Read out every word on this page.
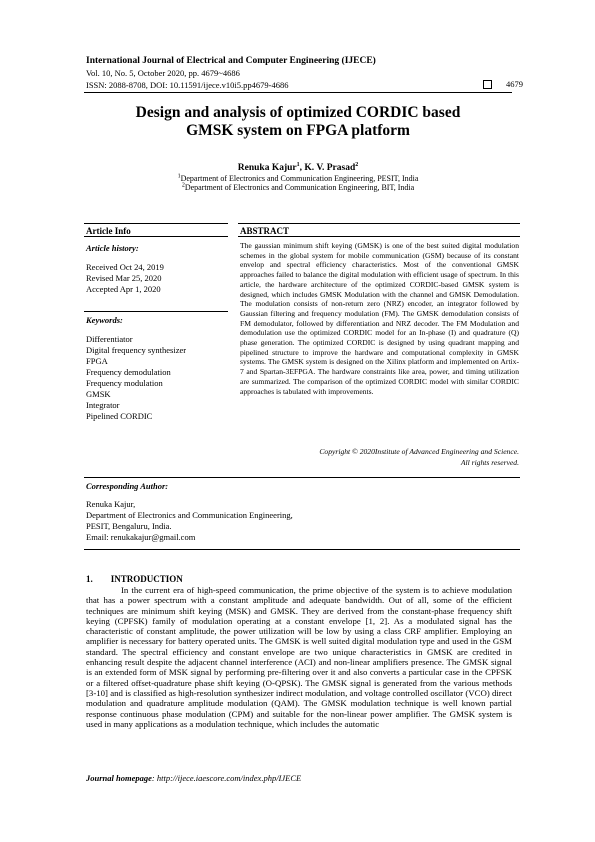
International Journal of Electrical and Computer Engineering (IJECE)
Vol. 10, No. 5, October 2020, pp. 4679~4686
ISSN: 2088-8708, DOI: 10.11591/ijece.v10i5.pp4679-4686	4679
Design and analysis of optimized CORDIC based
GMSK system on FPGA platform
Renuka Kajur$^1$, K. V. Prasad$^2$
$^1$Department of Electronics and Communication Engineering, PESIT, India
$^2$Department of Electronics and Communication Engineering, BIT, India
Article Info	ABSTRACT
Article history:
Received Oct 24, 2019
Revised Mar 25, 2020
Accepted Apr 1, 2020
Keywords:
Differentiator
Digital frequency synthesizer
FPGA
Frequency demodulation
Frequency modulation
GMSK
Integrator
Pipelined CORDIC
The gaussian minimum shift keying (GMSK) is one of the best suited digital modulation schemes in the global system for mobile communication (GSM) because of its constant envelop and spectral efficiency characteristics. Most of the conventional GMSK approaches failed to balance the digital modulation with efficient usage of spectrum. In this article, the hardware architecture of the optimized CORDIC-based GMSK system is designed, which includes GMSK Modulation with the channel and GMSK Demodulation. The modulation consists of non-return zero (NRZ) encoder, an integrator followed by Gaussian filtering and frequency modulation (FM). The GMSK demodulation consists of FM demodulator, followed by differentiation and NRZ decoder. The FM Modulation and demodulation use the optimized CORDIC model for an In-phase (I) and quadrature (Q) phase generation. The optimized CORDIC is designed by using quadrant mapping and pipelined structure to improve the hardware and computational complexity in GMSK systems. The GMSK system is designed on the Xilinx platform and implemented on Artix-7 and Spartan-3EFPGA. The hardware constraints like area, power, and timing utilization are summarized. The comparison of the optimized CORDIC model with similar CORDIC approaches is tabulated with improvements.
Copyright © 2020Institute of Advanced Engineering and Science.
All rights reserved.
Corresponding Author:
Renuka Kajur,
Department of Electronics and Communication Engineering,
PESIT, Bengaluru, India.
Email: renukakajur@gmail.com
1.  INTRODUCTION

In the current era of high-speed communication, the prime objective of the system is to achieve modulation that has a power spectrum with a constant amplitude and adequate bandwidth. Out of all, some of the efficient techniques are minimum shift keying (MSK) and GMSK. They are derived from the constant-phase frequency shift keying (CPFSK) family of modulation operating at a constant envelope [1, 2]. As a modulated signal has the characteristic of constant amplitude, the power utilization will be low by using a class CRF amplifier. Employing an amplifier is necessary for battery operated units. The GMSK is well suited digital modulation type and used in the GSM standard. The spectral efficiency and constant envelope are two unique characteristics in GMSK are credited in enhancing result despite the adjacent channel interference (ACI) and non-linear amplifiers presence. The GMSK signal is an extended form of MSK signal by performing pre-filtering over it and also converts a particular case in the CPFSK or a filtered offset-quadrature phase shift keying (O-QPSK). The GMSK signal is generated from the various methods [3-10] and is classified as high-resolution synthesizer indirect modulation, and voltage controlled oscillator (VCO) direct modulation and quadrature amplitude modulation (QAM). The GMSK modulation technique is well known partial response continuous phase modulation (CPM) and suitable for the non-linear power amplifier. The GMSK system is used in many applications as a modulation technique, which includes the automatic

Journal homepage: http://ijece.iaescore.com/index.php/IJECE
